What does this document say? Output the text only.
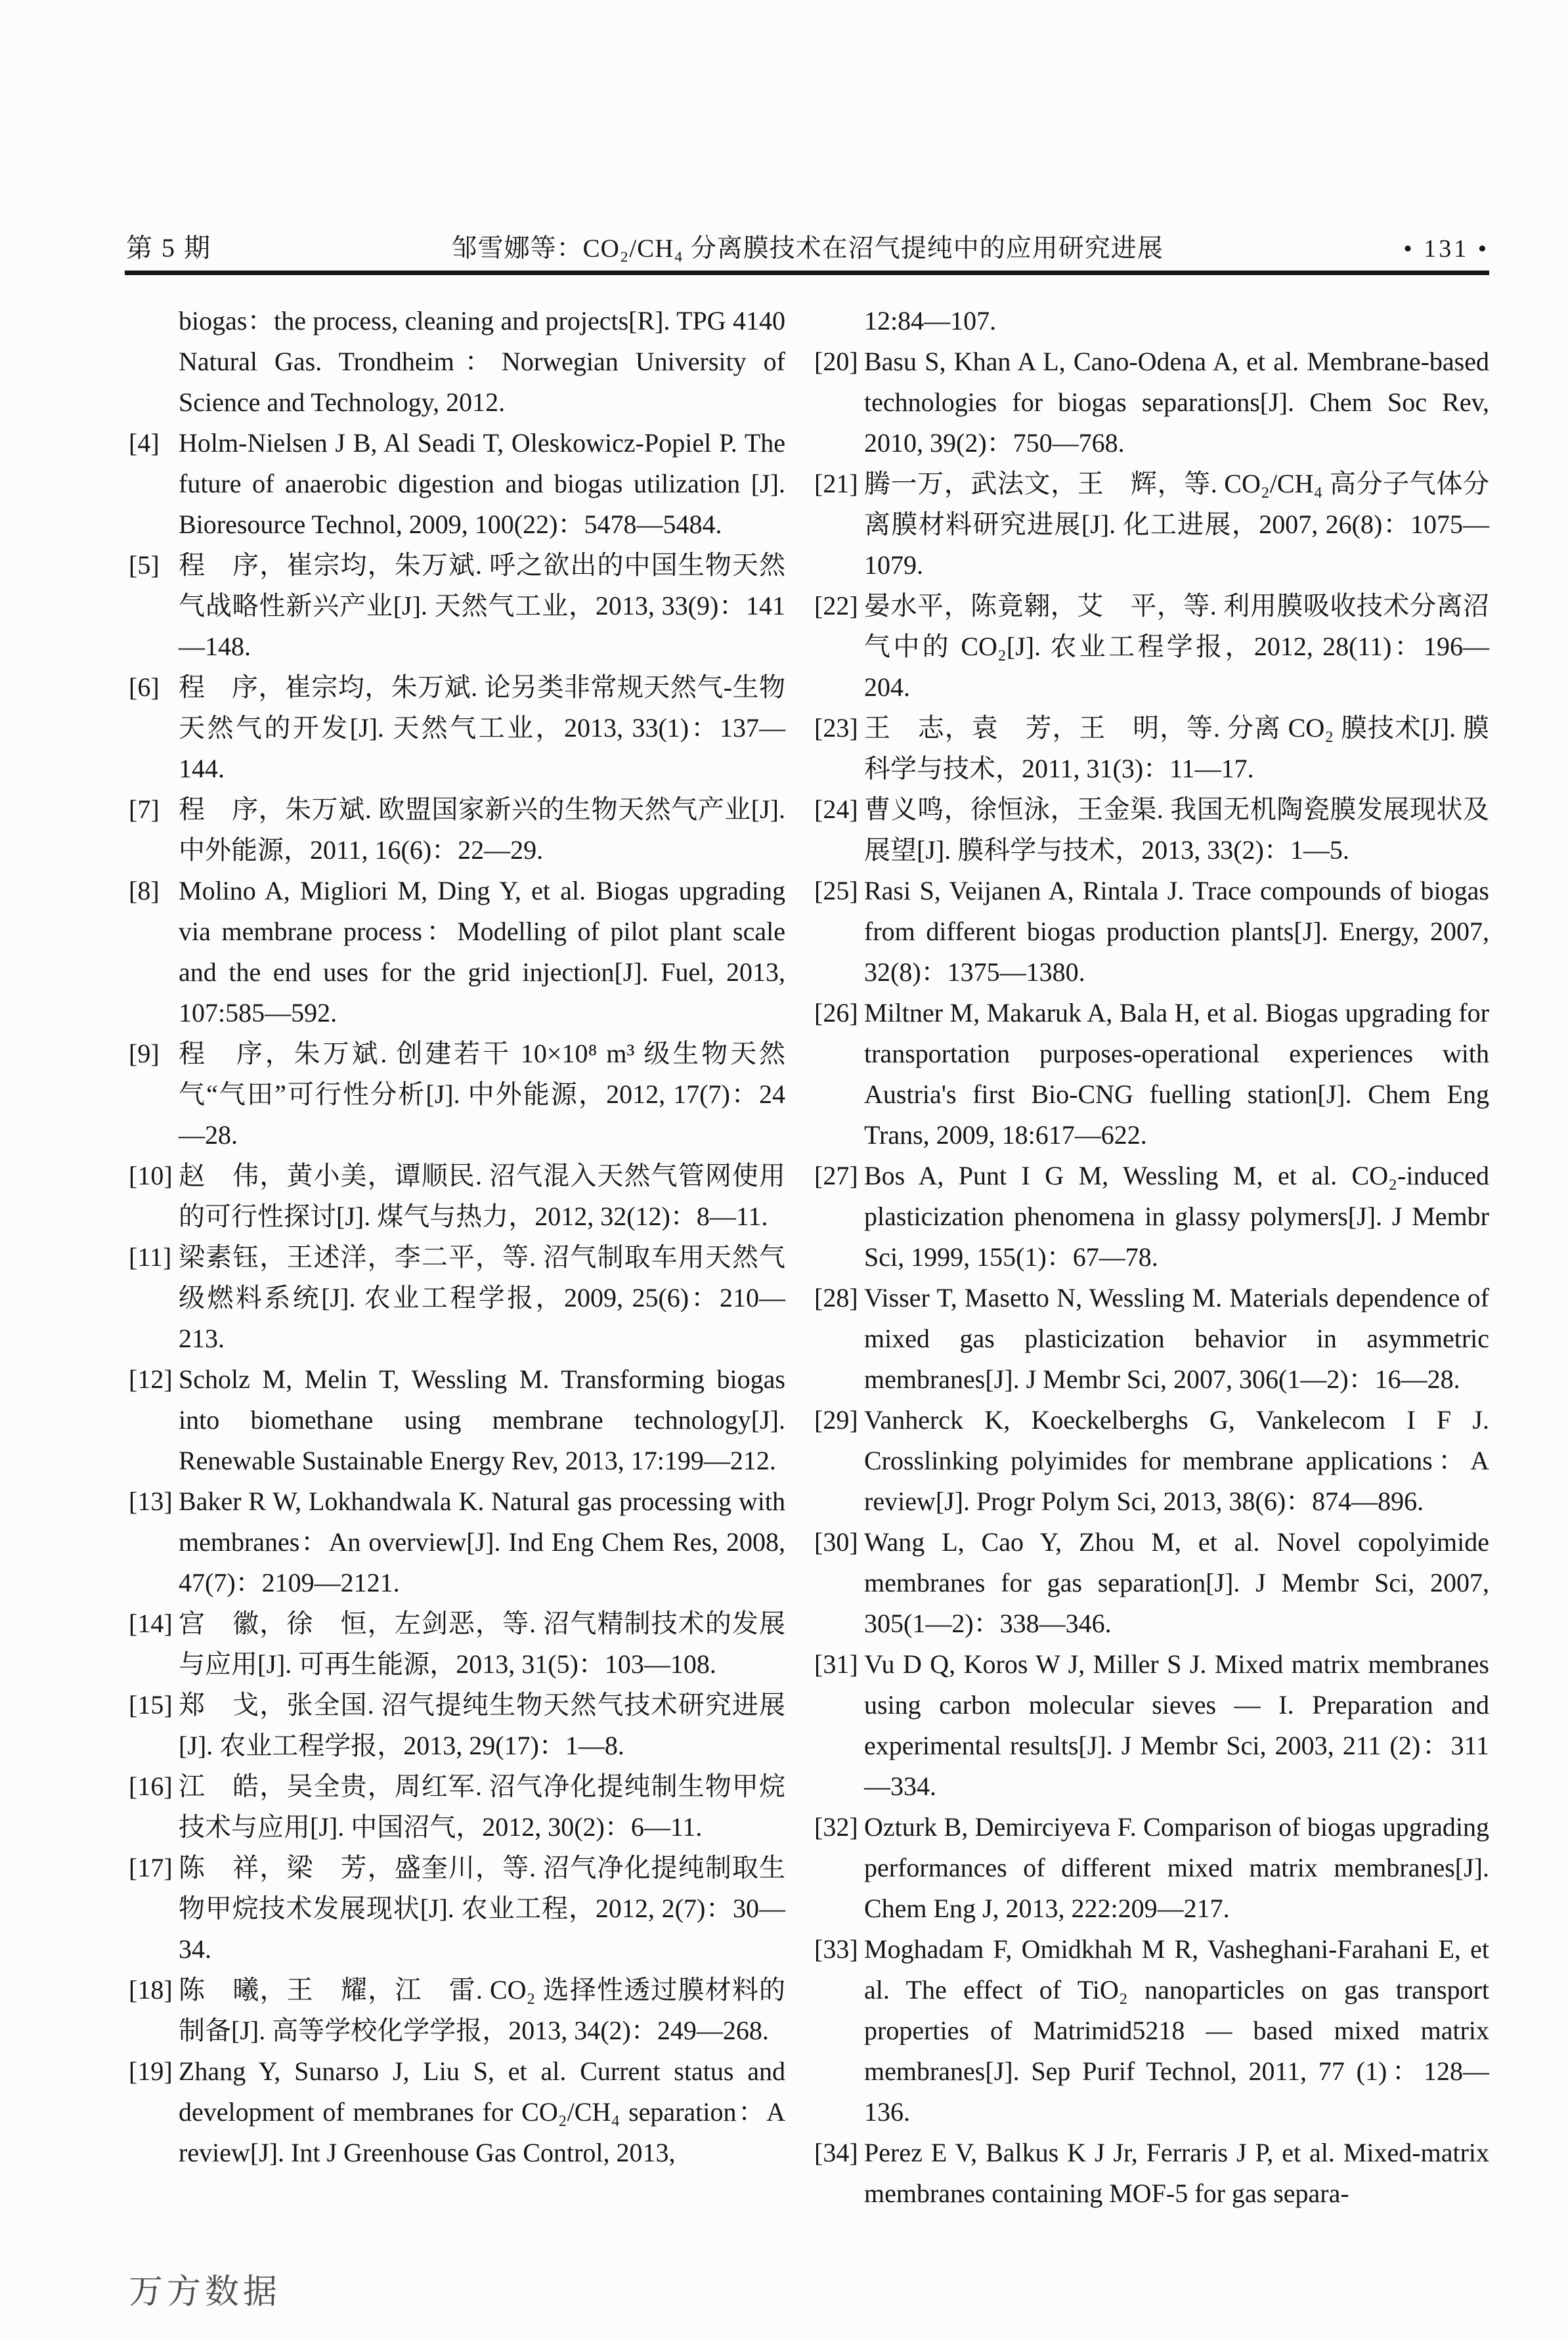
第 5 期	邹雪娜等：CO₂/CH₄ 分离膜技术在沼气提纯中的应用研究进展	• 131 •
biogas：the process, cleaning and projects[R]. TPG 4140 Natural Gas. Trondheim：Norwegian University of Science and Technology, 2012.
[4] Holm-Nielsen J B, Al Seadi T, Oleskowicz-Popiel P. The future of anaerobic digestion and biogas utilization [J]. Bioresource Technol, 2009, 100(22)：5478—5484.
[5] 程　序，崔宗均，朱万斌. 呼之欲出的中国生物天然气战略性新兴产业[J]. 天然气工业，2013, 33(9)：141—148.
[6] 程　序，崔宗均，朱万斌. 论另类非常规天然气-生物天然气的开发[J]. 天然气工业，2013, 33(1)：137—144.
[7] 程　序，朱万斌. 欧盟国家新兴的生物天然气产业[J]. 中外能源，2011, 16(6)：22—29.
[8] Molino A, Migliori M, Ding Y, et al. Biogas upgrading via membrane process：Modelling of pilot plant scale and the end uses for the grid injection[J]. Fuel, 2013, 107:585—592.
[9] 程　序，朱万斌. 创建若干 10×10⁸ m³ 级生物天然气“气田”可行性分析[J]. 中外能源，2012, 17(7)：24—28.
[10] 赵　伟，黄小美，谭顺民. 沼气混入天然气管网使用的可行性探讨[J]. 煤气与热力，2012, 32(12)：8—11.
[11] 梁素钰，王述洋，李二平，等. 沼气制取车用天然气级燃料系统[J]. 农业工程学报，2009, 25(6)：210—213.
[12] Scholz M, Melin T, Wessling M. Transforming biogas into biomethane using membrane technology[J]. Renewable Sustainable Energy Rev, 2013, 17:199—212.
[13] Baker R W, Lokhandwala K. Natural gas processing with membranes：An overview[J]. Ind Eng Chem Res, 2008, 47(7)：2109—2121.
[14] 宫　徽，徐　恒，左剑恶，等. 沼气精制技术的发展与应用[J]. 可再生能源，2013, 31(5)：103—108.
[15] 郑　戈，张全国. 沼气提纯生物天然气技术研究进展[J]. 农业工程学报，2013, 29(17)：1—8.
[16] 江　皓，吴全贵，周红军. 沼气净化提纯制生物甲烷技术与应用[J]. 中国沼气，2012, 30(2)：6—11.
[17] 陈　祥，梁　芳，盛奎川，等. 沼气净化提纯制取生物甲烷技术发展现状[J]. 农业工程，2012, 2(7)：30—34.
[18] 陈　曦，王　耀，江　雷. CO₂ 选择性透过膜材料的制备[J]. 高等学校化学学报，2013, 34(2)：249—268.
[19] Zhang Y, Sunarso J, Liu S, et al. Current status and development of membranes for CO₂/CH₄ separation：A review[J]. Int J Greenhouse Gas Control, 2013,
12:84—107.
[20] Basu S, Khan A L, Cano-Odena A, et al. Membrane-based technologies for biogas separations[J]. Chem Soc Rev, 2010, 39(2)：750—768.
[21] 腾一万，武法文，王　辉，等. CO₂/CH₄ 高分子气体分离膜材料研究进展[J]. 化工进展，2007, 26(8)：1075—1079.
[22] 晏水平，陈竟翱，艾　平，等. 利用膜吸收技术分离沼气中的 CO₂[J]. 农业工程学报，2012, 28(11)：196—204.
[23] 王　志，袁　芳，王　明，等. 分离 CO₂ 膜技术[J]. 膜科学与技术，2011, 31(3)：11—17.
[24] 曹义鸣，徐恒泳，王金渠. 我国无机陶瓷膜发展现状及展望[J]. 膜科学与技术，2013, 33(2)：1—5.
[25] Rasi S, Veijanen A, Rintala J. Trace compounds of biogas from different biogas production plants[J]. Energy, 2007, 32(8)：1375—1380.
[26] Miltner M, Makaruk A, Bala H, et al. Biogas upgrading for transportation purposes-operational experiences with Austria's first Bio-CNG fuelling station[J]. Chem Eng Trans, 2009, 18:617—622.
[27] Bos A, Punt I G M, Wessling M, et al. CO₂-induced plasticization phenomena in glassy polymers[J]. J Membr Sci, 1999, 155(1)：67—78.
[28] Visser T, Masetto N, Wessling M. Materials dependence of mixed gas plasticization behavior in asymmetric membranes[J]. J Membr Sci, 2007, 306(1—2)：16—28.
[29] Vanherck K, Koeckelberghs G, Vankelecom I F J. Crosslinking polyimides for membrane applications：A review[J]. Progr Polym Sci, 2013, 38(6)：874—896.
[30] Wang L, Cao Y, Zhou M, et al. Novel copolyimide membranes for gas separation[J]. J Membr Sci, 2007, 305(1—2)：338—346.
[31] Vu D Q, Koros W J, Miller S J. Mixed matrix membranes using carbon molecular sieves — I. Preparation and experimental results[J]. J Membr Sci, 2003, 211 (2)：311—334.
[32] Ozturk B, Demirciyeva F. Comparison of biogas upgrading performances of different mixed matrix membranes[J]. Chem Eng J, 2013, 222:209—217.
[33] Moghadam F, Omidkhah M R, Vasheghani-Farahani E, et al. The effect of TiO₂ nanoparticles on gas transport properties of Matrimid5218 — based mixed matrix membranes[J]. Sep Purif Technol, 2011, 77 (1)：128—136.
[34] Perez E V, Balkus K J Jr, Ferraris J P, et al. Mixed-matrix membranes containing MOF-5 for gas separa-
万方数据
